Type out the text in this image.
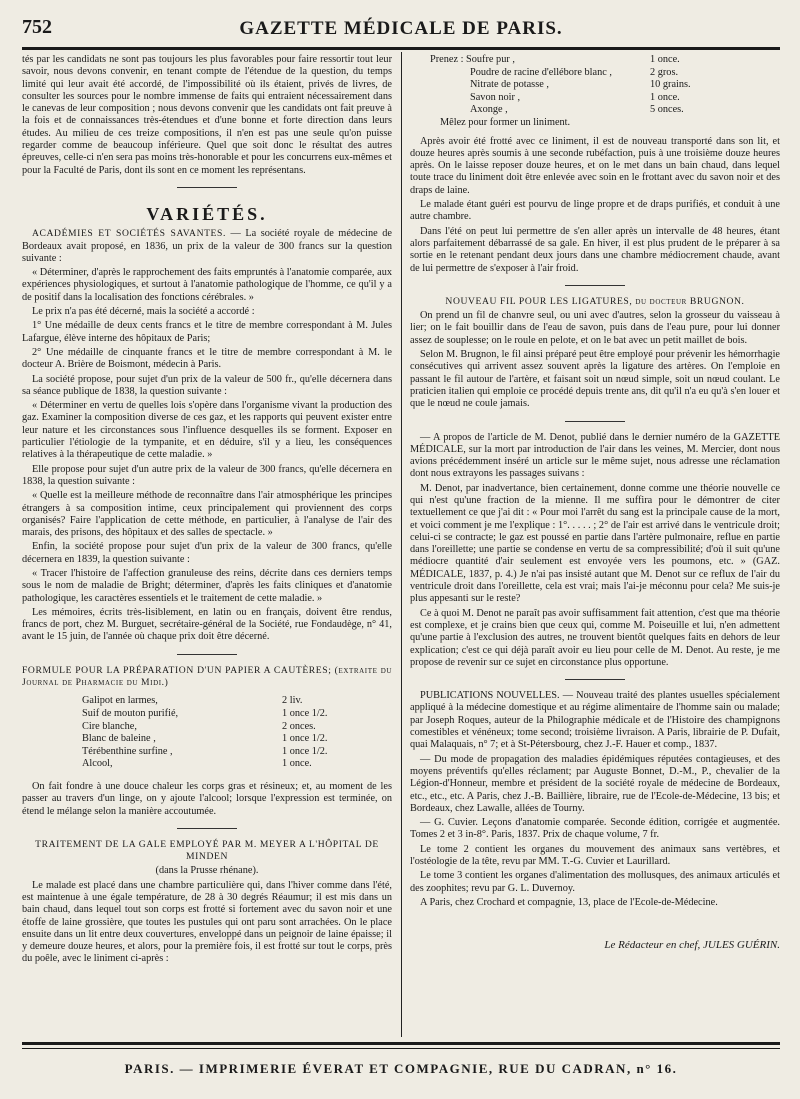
752	GAZETTE MÉDICALE DE PARIS.

tés par les candidats ne sont pas toujours les plus favorables pour faire ressortir tout leur savoir, nous devons convenir, en tenant compte de l'étendue de la question, du temps limité qui leur avait été accordé, de l'impossibilité où ils étaient, privés de livres, de consulter les sources pour le nombre immense de faits qui entraient nécessairement dans le canevas de leur composition ; nous devons convenir que les candidats ont fait preuve à la fois et de connaissances très-étendues et d'une bonne et forte direction dans leurs études. Au milieu de ces treize compositions, il n'en est pas une seule qu'on puisse regarder comme de beaucoup inférieure. Quel que soit donc le résultat des autres épreuves, celle-ci n'en sera pas moins très-honorable et pour les concurrens eux-mêmes et pour la Faculté de Paris, dont ils sont en ce moment les représentans.

VARIÉTÉS.

ACADÉMIES ET SOCIÉTÉS SAVANTES. — La société royale de médecine de Bordeaux avait proposé, en 1836, un prix de la valeur de 300 francs sur la question suivante :

« Déterminer, d'après le rapprochement des faits empruntés à l'anatomie comparée, aux expériences physiologiques, et surtout à l'anatomie pathologique de l'homme, ce qu'il y a de positif dans la localisation des fonctions cérébrales. »

Le prix n'a pas été décerné, mais la société a accordé :

1° Une médaille de deux cents francs et le titre de membre correspondant à M. Jules Lafargue, élève interne des hôpitaux de Paris;

2° Une médaille de cinquante francs et le titre de membre correspondant à M. le docteur A. Brière de Boismont, médecin à Paris.

La société propose, pour sujet d'un prix de la valeur de 500 fr., qu'elle décernera dans sa séance publique de 1838, la question suivante :

« Déterminer en vertu de quelles lois s'opère dans l'organisme vivant la production des gaz. Examiner la composition diverse de ces gaz, et les rapports qui peuvent exister entre leur nature et les circonstances sous l'influence desquelles ils se forment. Exposer en particulier l'étiologie de la tympanite, et en déduire, s'il y a lieu, les conséquences relatives à la thérapeutique de cette maladie. »

Elle propose pour sujet d'un autre prix de la valeur de 300 francs, qu'elle décernera en 1838, la question suivante :

« Quelle est la meilleure méthode de reconnaître dans l'air atmosphérique les principes étrangers à sa composition intime, ceux principalement qui proviennent des corps organisés? Faire l'application de cette méthode, en particulier, à l'analyse de l'air des marais, des prisons, des hôpitaux et des salles de spectacle. »

Enfin, la société propose pour sujet d'un prix de la valeur de 300 francs, qu'elle décernera en 1839, la question suivante :

« Tracer l'histoire de l'affection granuleuse des reins, décrite dans ces derniers temps sous le nom de maladie de Bright; déterminer, d'après les faits cliniques et d'anatomie pathologique, les caractères essentiels et le traitement de cette maladie. »

Les mémoires, écrits très-lisiblement, en latin ou en français, doivent être rendus, francs de port, chez M. Burguet, secrétaire-général de la Société, rue Fondaudège, n° 41, avant le 15 juin, de l'année où chaque prix doit être décerné.

FORMULE POUR LA PRÉPARATION D'UN PAPIER A CAUTÈRES; (extraite du Journal de Pharmacie du Midi.)

Galipot en larmes,	2 liv.
Suif de mouton purifié,	1 once 1/2.
Cire blanche,	2 onces.
Blanc de baleine ,	1 once 1/2.
Térébenthine surfine ,	1 once 1/2.
Alcool,	1 once.

On fait fondre à une douce chaleur les corps gras et résineux; et, au moment de les passer au travers d'un linge, on y ajoute l'alcool; lorsque l'expression est terminée, on étend le mélange selon la manière accoutumée.

TRAITEMENT DE LA GALE EMPLOYÉ PAR M. MEYER A L'HÔPITAL DE MINDEN

(dans la Prusse rhénane).

Le malade est placé dans une chambre particulière qui, dans l'hiver comme dans l'été, est maintenue à une égale température, de 28 à 30 degrés Réaumur; il est mis dans un bain chaud, dans lequel tout son corps est frotté si fortement avec du savon noir et une étoffe de laine grossière, que toutes les pustules qui ont paru sont arrachées. On le place ensuite dans un lit entre deux couvertures, enveloppé dans un peignoir de laine épaisse; il y demeure douze heures, et alors, pour la première fois, il est frotté sur tout le corps, près du poêle, avec le liniment ci-après :

Prenez : Soufre pur ,	1 once.
Poudre de racine d'ellébore blanc ,	2 gros.
Nitrate de potasse ,	10 grains.
Savon noir ,	1 once.
Axonge ,	5 onces.
Mêlez pour former un liniment.

Après avoir été frotté avec ce liniment, il est de nouveau transporté dans son lit, et douze heures après soumis à une seconde rubéfaction, puis à une troisième douze heures après. On le laisse reposer douze heures, et on le met dans un bain chaud, dans lequel toute trace du liniment doit être enlevée avec soin en le frottant avec du savon noir et des draps de laine.

Le malade étant guéri est pourvu de linge propre et de draps purifiés, et conduit à une autre chambre.

Dans l'été on peut lui permettre de s'en aller après un intervalle de 48 heures, étant alors parfaitement débarrassé de sa gale. En hiver, il est plus prudent de le préparer à sa sortie en le retenant pendant deux jours dans une chambre médiocrement chaude, avant de lui permettre de s'exposer à l'air froid.

NOUVEAU FIL POUR LES LIGATURES, du docteur BRUGNON.

On prend un fil de chanvre seul, ou uni avec d'autres, selon la grosseur du vaisseau à lier; on le fait bouillir dans de l'eau de savon, puis dans de l'eau pure, pour lui donner assez de souplesse; on le roule en pelote, et on le bat avec un petit maillet de bois.

Selon M. Brugnon, le fil ainsi préparé peut être employé pour prévenir les hémorrhagie consécutives qui arrivent assez souvent après la ligature des artères. On l'emploie en passant le fil autour de l'artère, et faisant soit un nœud simple, soit un nœud coulant. Le praticien italien qui emploie ce procédé depuis trente ans, dit qu'il n'a eu qu'à s'en louer et que le nœud ne coule jamais.

— A propos de l'article de M. Denot, publié dans le dernier numéro de la GAZETTE MÉDICALE, sur la mort par introduction de l'air dans les veines, M. Mercier, dont nous avions précédemment inséré un article sur le même sujet, nous adresse une réclamation dont nous extrayons les passages suivans :

M. Denot, par inadvertance, bien certainement, donne comme une théorie nouvelle ce qui n'est qu'une fraction de la mienne. Il me suffira pour le démontrer de citer textuellement ce que j'ai dit : « Pour moi l'arrêt du sang est la principale cause de la mort, et voici comment je me l'explique : 1°. . . . . ; 2° de l'air est arrivé dans le ventricule droit; celui-ci se contracte; le gaz est poussé en partie dans l'artère pulmonaire, reflue en partie dans l'oreillette; une partie se condense en vertu de sa compressibilité; d'où il suit qu'une médiocre quantité d'air seulement est envoyée vers les poumons, etc. » (GAZ. MÉDICALE, 1837, p. 4.) Je n'ai pas insisté autant que M. Denot sur ce reflux de l'air du ventricule droit dans l'oreillette, cela est vrai; mais l'ai-je méconnu pour cela? Me suis-je plus appesanti sur le reste?

Ce à quoi M. Denot ne paraît pas avoir suffisamment fait attention, c'est que ma théorie est complexe, et je crains bien que ceux qui, comme M. Poiseuille et lui, n'en admettent qu'une partie à l'exclusion des autres, ne trouvent bientôt quelques faits en dehors de leur explication; c'est ce qui déjà paraît avoir eu lieu pour celle de M. Denot. Au reste, je me propose de revenir sur ce sujet en circonstance plus opportune.

PUBLICATIONS NOUVELLES. — Nouveau traité des plantes usuelles spécialement appliqué à la médecine domestique et au régime alimentaire de l'homme sain ou malade; par Joseph Roques, auteur de la Philographie médicale et de l'Histoire des champignons comestibles et vénéneux; tome second; troisième livraison. A Paris, librairie de P. Dufait, quai Malaquais, n° 7; et à St-Pétersbourg, chez J.-F. Hauer et comp., 1837.

— Du mode de propagation des maladies épidémiques réputées contagieuses, et des moyens préventifs qu'elles réclament; par Auguste Bonnet, D.-M., P., chevalier de la Légion-d'Honneur, membre et président de la société royale de médecine de Bordeaux, etc., etc., etc. A Paris, chez J.-B. Baillière, libraire, rue de l'Ecole-de-Médecine, 13 bis; et Bordeaux, chez Lawalle, allées de Tourny.

— G. Cuvier. Leçons d'anatomie comparée. Seconde édition, corrigée et augmentée. Tomes 2 et 3 in-8°. Paris, 1837. Prix de chaque volume, 7 fr.

Le tome 2 contient les organes du mouvement des animaux sans vertèbres, et l'ostéologie de la tête, revu par MM. T.-G. Cuvier et Laurillard.

Le tome 3 contient les organes d'alimentation des mollusques, des animaux articulés et des zoophites; revu par G. L. Duvernoy.

A Paris, chez Crochard et compagnie, 13, place de l'Ecole-de-Médecine.

Le Rédacteur en chef, JULES GUÉRIN.
PARIS. — IMPRIMERIE ÉVERAT ET COMPAGNIE, RUE DU CADRAN, n° 16.
